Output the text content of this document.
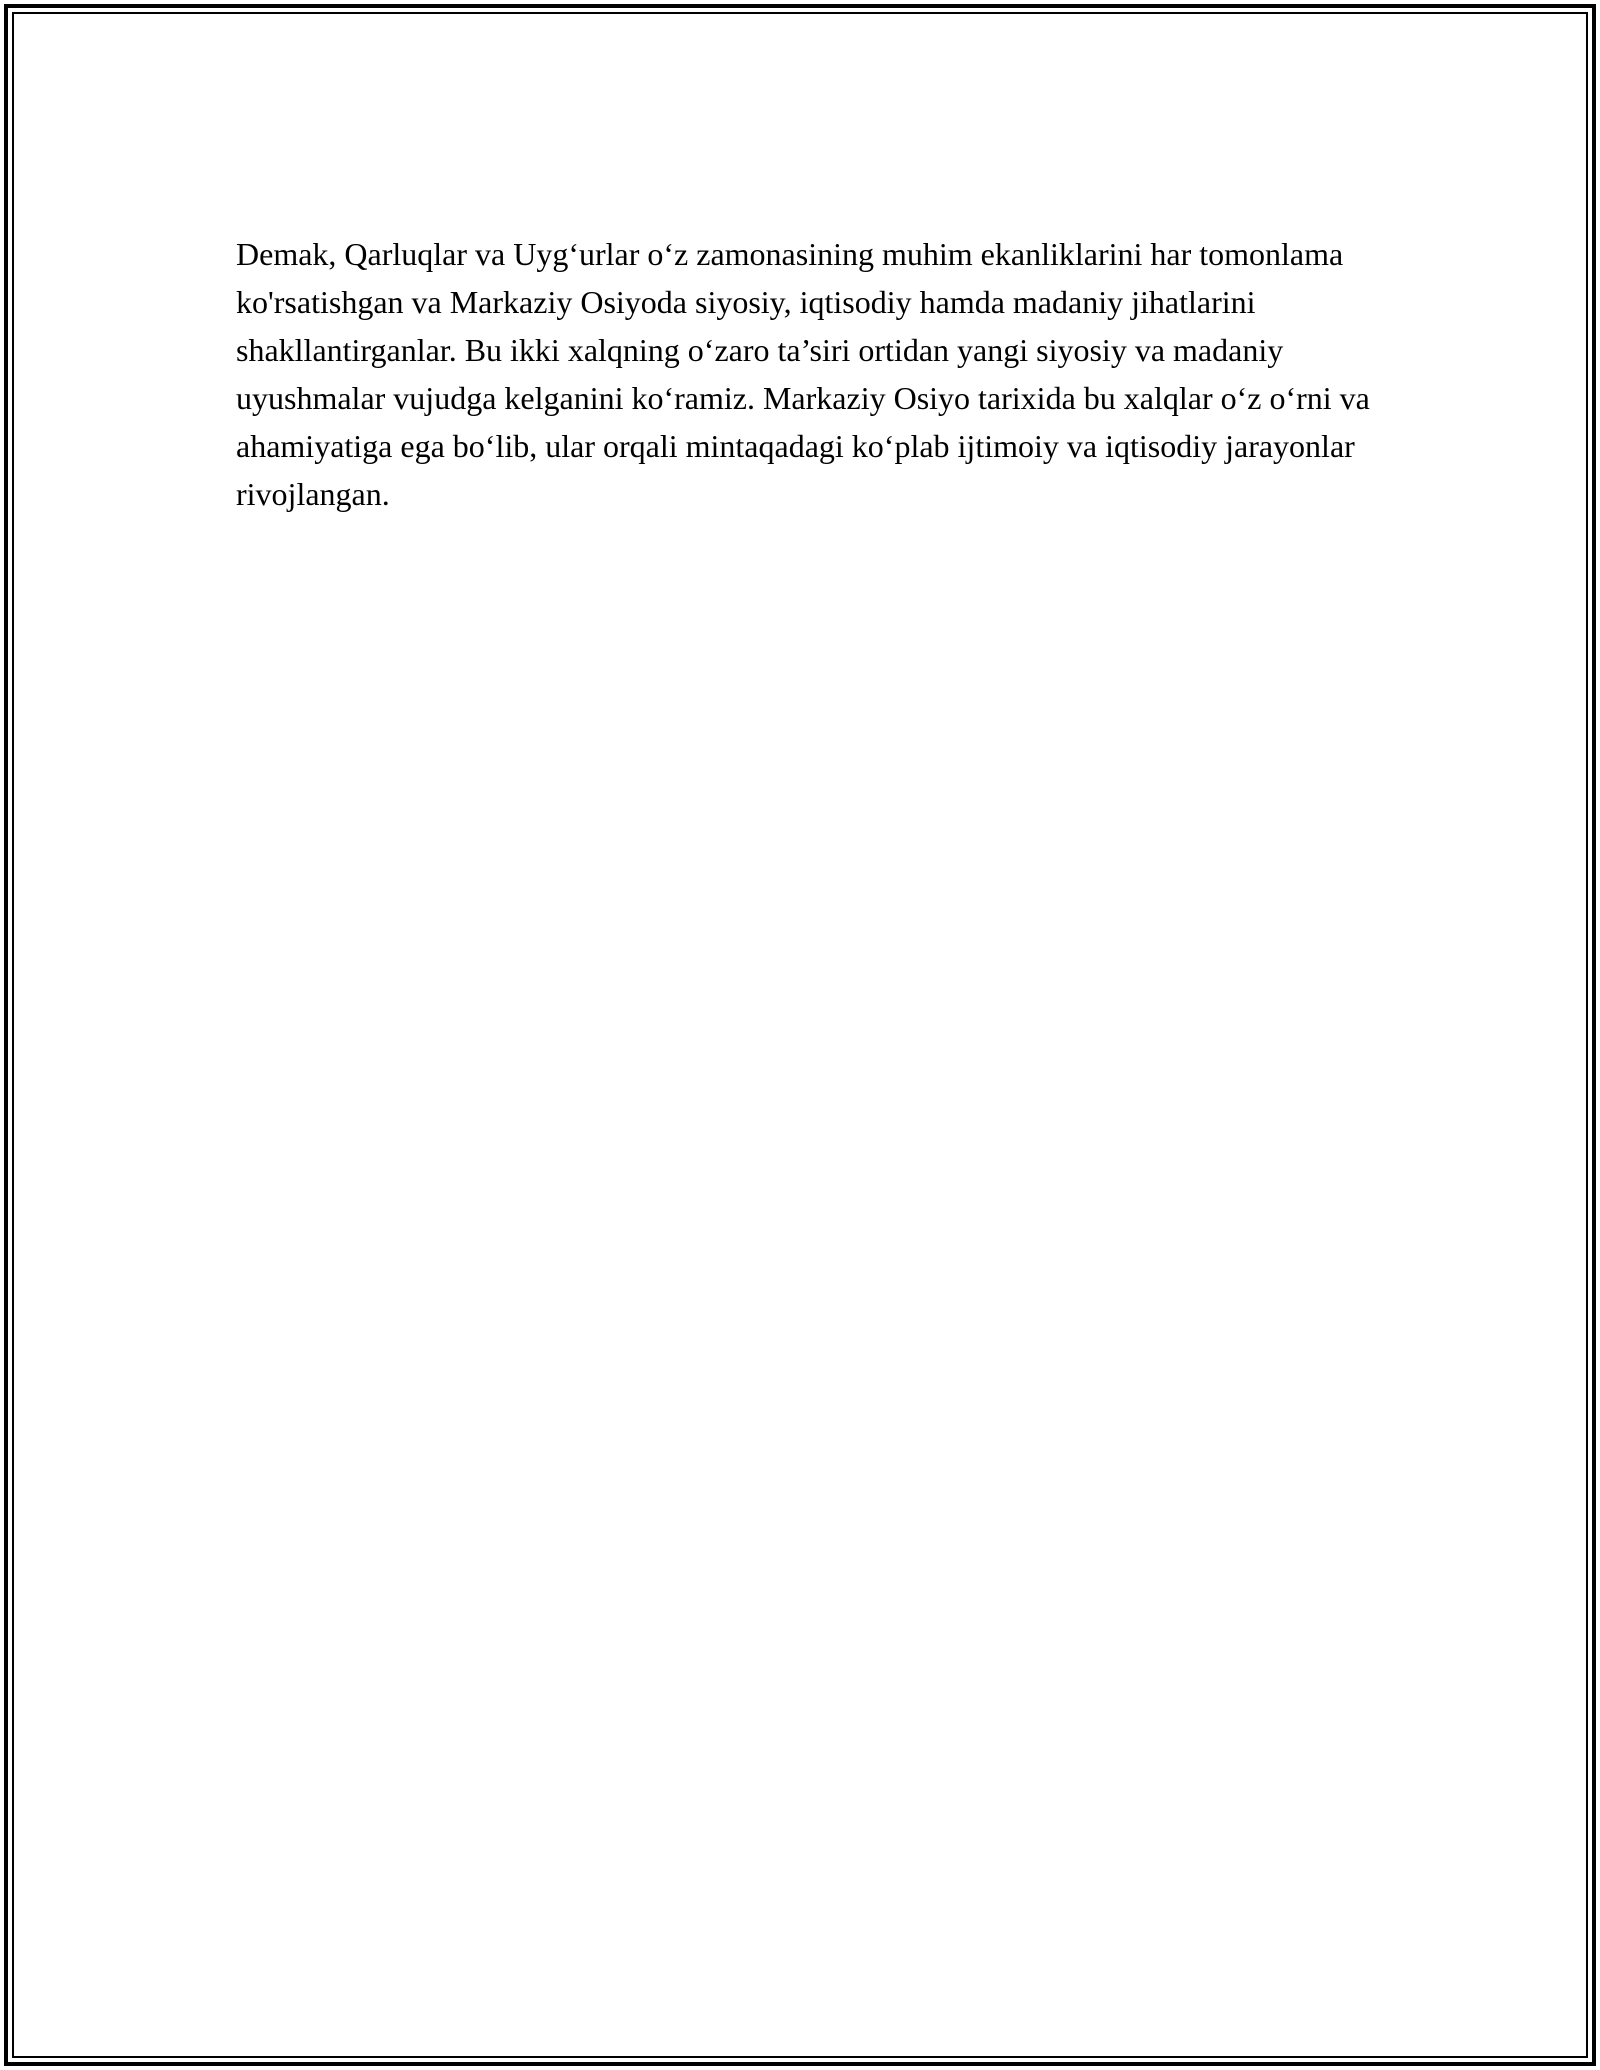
Demak, Qarluqlar va Uyg‘urlar o‘z zamonasining muhim ekanliklarini har tomonlama ko'rsatishgan va Markaziy Osiyoda siyosiy, iqtisodiy hamda madaniy jihatlarini shakllantirganlar. Bu ikki xalqning o‘zaro ta’siri ortidan yangi siyosiy va madaniy uyushmalar vujudga kelganini ko‘ramiz. Markaziy Osiyo tarixida bu xalqlar o‘z o‘rni va ahamiyatiga ega bo‘lib, ular orqali mintaqadagi ko‘plab ijtimoiy va iqtisodiy jarayonlar rivojlangan.
